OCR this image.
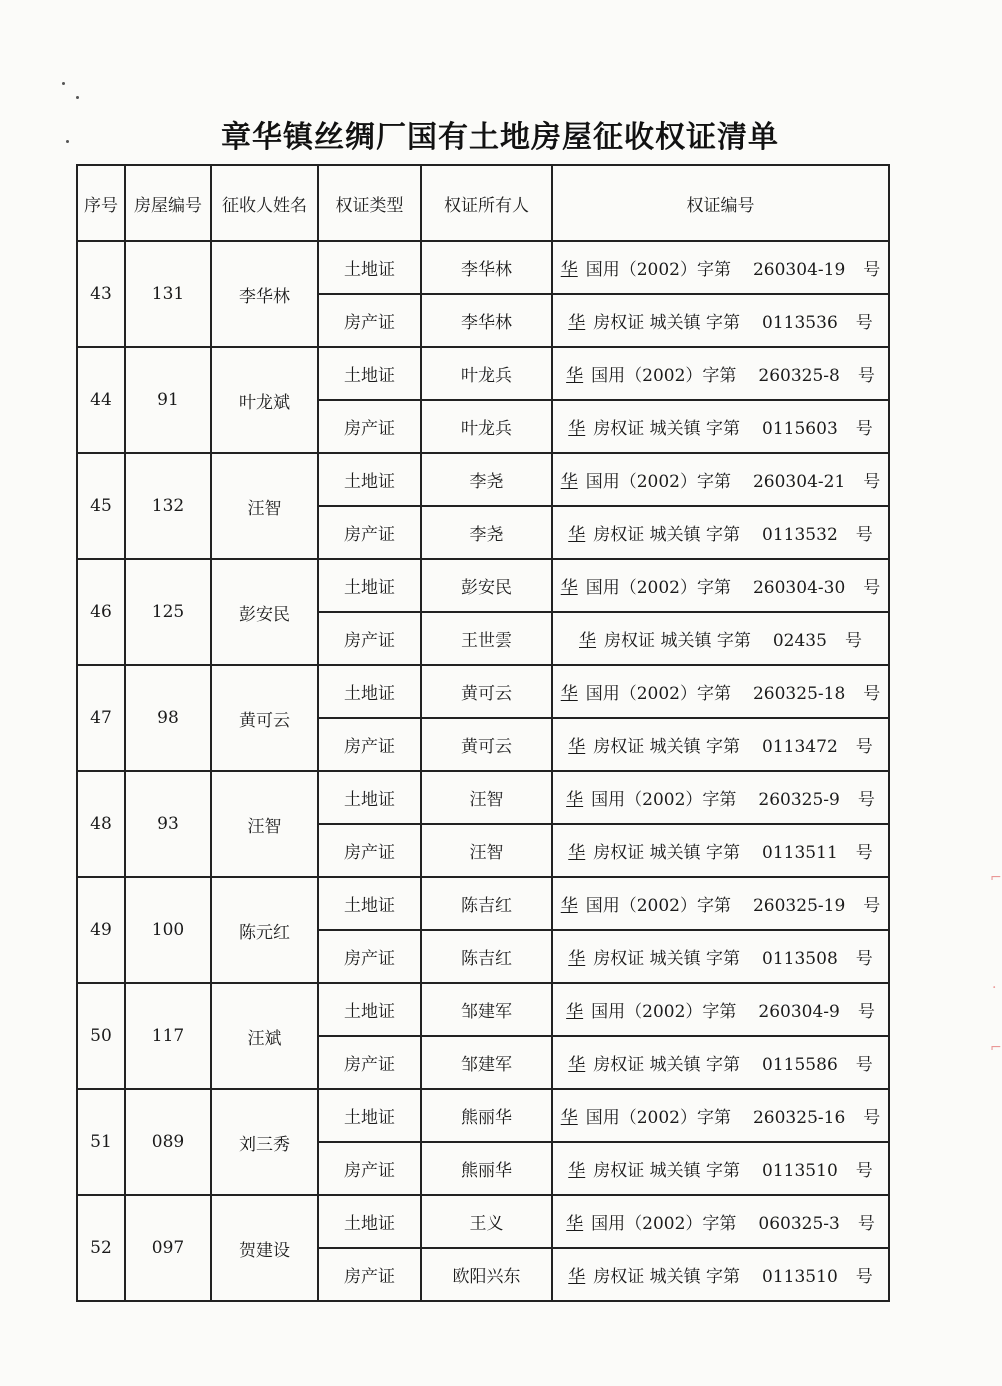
章华镇丝绸厂国有土地房屋征收权证清单
序号	房屋编号	征收人姓名	权证类型	权证所有人	权证编号
43	131	李华林	土地证	李华林	华 国用（2002）字第 260304-19 号
			房产证	李华林	华 房权证 城关镇 字第 0113536 号
44	91	叶龙斌	土地证	叶龙兵	华 国用（2002）字第 260325-8 号
			房产证	叶龙兵	华 房权证 城关镇 字第 0115603 号
45	132	汪智	土地证	李尧	华 国用（2002）字第 260304-21 号
			房产证	李尧	华 房权证 城关镇 字第 0113532 号
46	125	彭安民	土地证	彭安民	华 国用（2002）字第 260304-30 号
			房产证	王世雲	华 房权证 城关镇 字第 02435 号
47	98	黄可云	土地证	黄可云	华 国用（2002）字第 260325-18 号
			房产证	黄可云	华 房权证 城关镇 字第 0113472 号
48	93	汪智	土地证	汪智	华 国用（2002）字第 260325-9 号
			房产证	汪智	华 房权证 城关镇 字第 0113511 号
49	100	陈元红	土地证	陈吉红	华 国用（2002）字第 260325-19 号
			房产证	陈吉红	华 房权证 城关镇 字第 0113508 号
50	117	汪斌	土地证	邹建军	华 国用（2002）字第 260304-9 号
			房产证	邹建军	华 房权证 城关镇 字第 0115586 号
51	089	刘三秀	土地证	熊丽华	华 国用（2002）字第 260325-16 号
			房产证	熊丽华	华 房权证 城关镇 字第 0113510 号
52	097	贺建设	土地证	王义	华 国用（2002）字第 060325-3 号
			房产证	欧阳兴东	华 房权证 城关镇 字第 0113510 号
⌐
·
⌐
